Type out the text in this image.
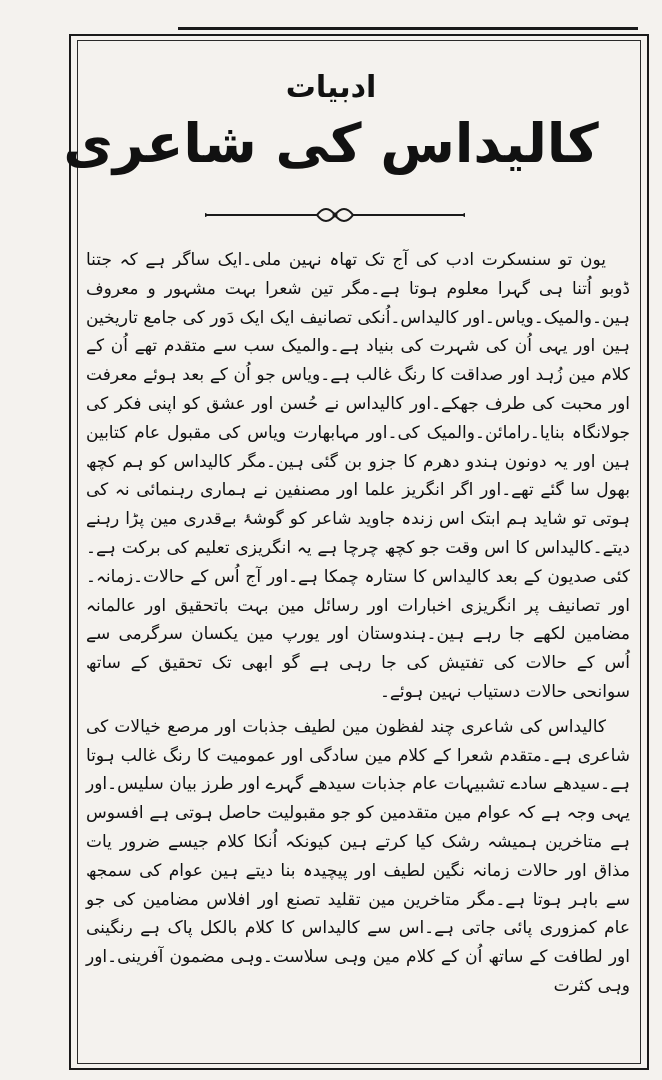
ادبیات
کالیداس کی شاعری

یون تو سنسکرت ادب کی آج تک تھاہ نہین ملی۔ایک ساگر ہے کہ جتنا ڈوبو اُتنا ہی گہرا معلوم ہوتا ہے۔مگر تین شعرا بہت مشہور و معروف ہین۔والمیک۔ویاس۔اور کالیداس۔اُنکی تصانیف ایک ایک دَور کی جامع تاریخین ہین اور یہی اُن کی شہرت کی بنیاد ہے۔والمیک سب سے متقدم تھے اُن کے کلام مین زُہد اور صداقت کا رنگ غالب ہے۔ویاس جو اُن کے بعد ہوئے معرفت اور محبت کی طرف جھکے۔اور کالیداس نے حُسن اور عشق کو اپنی فکر کی جولانگاہ بنایا۔رامائن۔والمیک کی۔اور مہابھارت ویاس کی مقبول عام کتابین ہین اور یہ دونون ہندو دھرم کا جزو بن گئی ہین۔مگر کالیداس کو ہم کچھ بھول سا گئے تھے۔اور اگر انگریز علما اور مصنفین نے ہماری رہنمائی نہ کی ہوتی تو شاید ہم ابتک اس زندہ جاوید شاعر کو گوشۂ بےقدری مین پڑا رہنے دیتے۔کالیداس کا اس وقت جو کچھ چرچا ہے یہ انگریزی تعلیم کی برکت ہے۔کئی صدیون کے بعد کالیداس کا ستارہ چمکا ہے۔اور آج اُس کے حالات۔زمانہ۔اور تصانیف پر انگریزی اخبارات اور رسائل مین بہت باتحقیق اور عالمانہ مضامین لکھے جا رہے ہین۔ہندوستان اور یورپ مین یکسان سرگرمی سے اُس کے حالات کی تفتیش کی جا رہی ہے گو ابھی تک تحقیق کے ساتھ سوانحی حالات دستیاب نہین ہوئے۔

کالیداس کی شاعری چند لفظون مین لطیف جذبات اور مرصع خیالات کی شاعری ہے۔متقدم شعرا کے کلام مین سادگی اور عمومیت کا رنگ غالب ہوتا ہے۔سیدھے سادے تشبیہات عام جذبات سیدھے گہرے اور طرز بیان سلیس۔اور یہی وجہ ہے کہ عوام مین متقدمین کو جو مقبولیت حاصل ہوتی ہے افسوس ہے متاخرین ہمیشہ رشک کیا کرتے ہین کیونکہ اُنکا کلام جیسے ضرور یات مذاق اور حالات زمانہ نگین لطیف اور پیچیدہ بنا دیتے ہین عوام کی سمجھ سے باہر ہوتا ہے۔مگر متاخرین مین تقلید تصنع اور افلاس مضامین کی جو عام کمزوری پائی جاتی ہے۔اس سے کالیداس کا کلام بالکل پاک ہے رنگینی اور لطافت کے ساتھ اُن کے کلام مین وہی سلاست۔وہی مضمون آفرینی۔اور وہی کثرت
